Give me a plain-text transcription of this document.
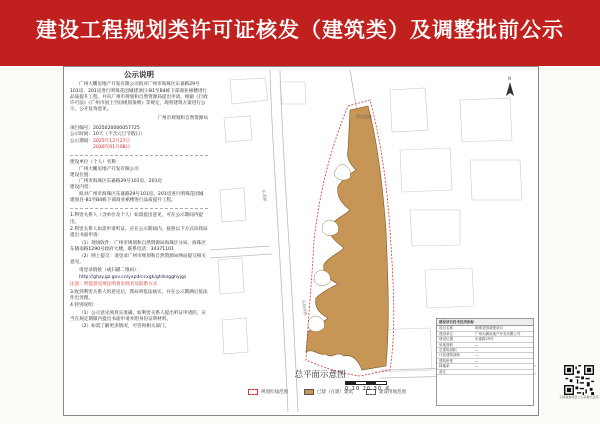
建设工程规划类许可证核发（建筑类）及调整批前公示
公示说明
广州大鹏房地产开发有限公司拟对广州市海珠区东嘉路29号101房、201房进行明珠花园城建项目-B1至B4栋下部商业裙楼进行品质提升工程，并向广州市规划和自然资源局提出申请。根据《行政许可法》《广州市国土空间规划条例》等规定，现将建筑方案进行公示，公开征询意见。
广州市规划和自然资源局
项目编号：2025020000057725
公示时间：10天（不含元旦节假日）
公示期间：2025年12月27日
2026年01月08日
建设单位（个人）名称：
广州大鹏房地产开发有限公司
建设位置：
广州市海珠区东嘉路29号101房、201房
建设内容：
拟对广州市海珠区东嘉路29号101房、201房进行明珠花园城建项目-B1至B4栋下部商业裙楼进行品质提升工程。
1.利害关系人（含单位及个人）如需提出意见，可在公示期间内提出。
2.利害关系人如需申请听证，应在公示期间内，按照以下方式向我局提出书面申请：
（1）现场收件：广州市规划和自然资源局海珠区分局，海珠区东晓南路1290号政府大楼，联系电话：34371101
（2）网上提交：请登录广州市规划和自然资源局网站提交相关意见。
请登录链接（或扫描二维码）：
http://ghzy.gz.gov.cn/yxpd/ccxgk/gh/ksgghyjgs
注意：所提意见须注明真实姓名及联系方式
3.收到利害关系人的意见后，我局将依法核实，并在公示期满后依法作出处理。
4.特别说明：
（1）公示意见须真实准确，如利害关系人提出听证申请的，应当在规定期限内提出书面申请并附身份证明材料。
（2）如需了解更多情况，可咨询相关部门。
东嘉路
东晓南路
项目范围
N
建设项目技术经济指标
项目名称	明珠花园城建项目
建设单位	广州大鹏房地产开发有限公司
建设位置	东嘉路29号
用地面积	—
总建筑面积	—
计容建筑面积	—
建筑密度	—
绿地率	—
备注
总平面示意图
规划红线范围	已建（在建）建筑	建设用地范围
0 10 20 30 米
扫码查看项目公示及提交意见
